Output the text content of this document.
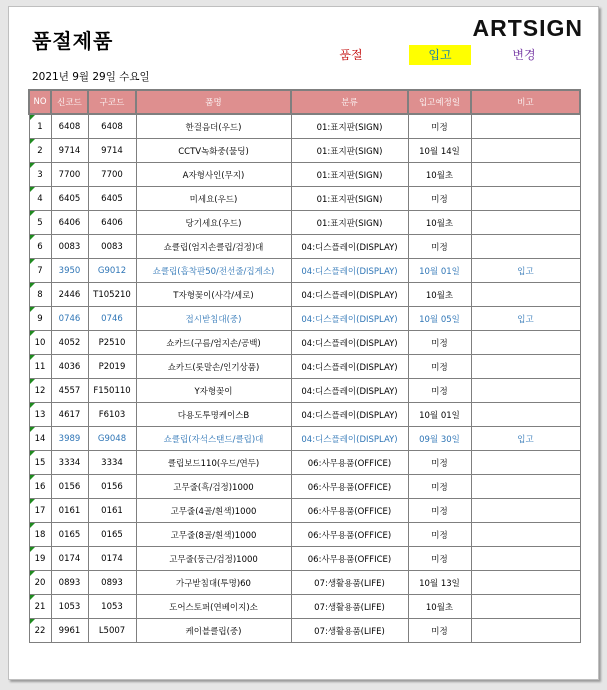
품절제품	ARTSIGN
품절	입고	변경
2021년 9월 29일 수요일
NO	신코드	구코드	품명	분류	입고예정일	비고
1	6408	6408	한걸음더(우드)	01:표지판(SIGN)	미정	
2	9714	9714	CCTV녹화중(물딩)	01:표지판(SIGN)	10월 14일	
3	7700	7700	A자형사인(무지)	01:표지판(SIGN)	10월초	
4	6405	6405	미세요(우드)	01:표지판(SIGN)	미정	
5	6406	6406	당기세요(우드)	01:표지판(SIGN)	10월초	
6	0083	0083	쇼클립(엄지손클립/검정)대	04:디스플레이(DISPLAY)	미정	
7	3950	G9012	쇼클립(흡착판50/전선줄/집게소)	04:디스플레이(DISPLAY)	10월 01일	입고
8	2446	T105210	T자형꽂이(사각/세로)	04:디스플레이(DISPLAY)	10월초	
9	0746	0746	접시받침대(중)	04:디스플레이(DISPLAY)	10월 05일	입고
10	4052	P2510	쇼카드(구름/엄지손/공백)	04:디스플레이(DISPLAY)	미정	
11	4036	P2019	쇼카드(롯말손/인기상품)	04:디스플레이(DISPLAY)	미정	
12	4557	F150110	Y자형꽂이	04:디스플레이(DISPLAY)	미정	
13	4617	F6103	다용도투명케이스B	04:디스플레이(DISPLAY)	10월 01일	
14	3989	G9048	쇼클립(자석스탠드/클립)대	04:디스플레이(DISPLAY)	09월 30일	입고
15	3334	3334	클립보드110(우드/연두)	06:사무용품(OFFICE)	미정	
16	0156	0156	고무줄(흑/검정)1000	06:사무용품(OFFICE)	미정	
17	0161	0161	고무줄(4골/흰색)1000	06:사무용품(OFFICE)	미정	
18	0165	0165	고무줄(8골/흰색)1000	06:사무용품(OFFICE)	미정	
19	0174	0174	고무줄(둥근/검정)1000	06:사무용품(OFFICE)	미정	
20	0893	0893	가구받침대(투명)60	07:생활용품(LIFE)	10월 13일	
21	1053	1053	도어스토퍼(연베이지)소	07:생활용품(LIFE)	10월초	
22	9961	L5007	케이블클립(중)	07:생활용품(LIFE)	미정	
